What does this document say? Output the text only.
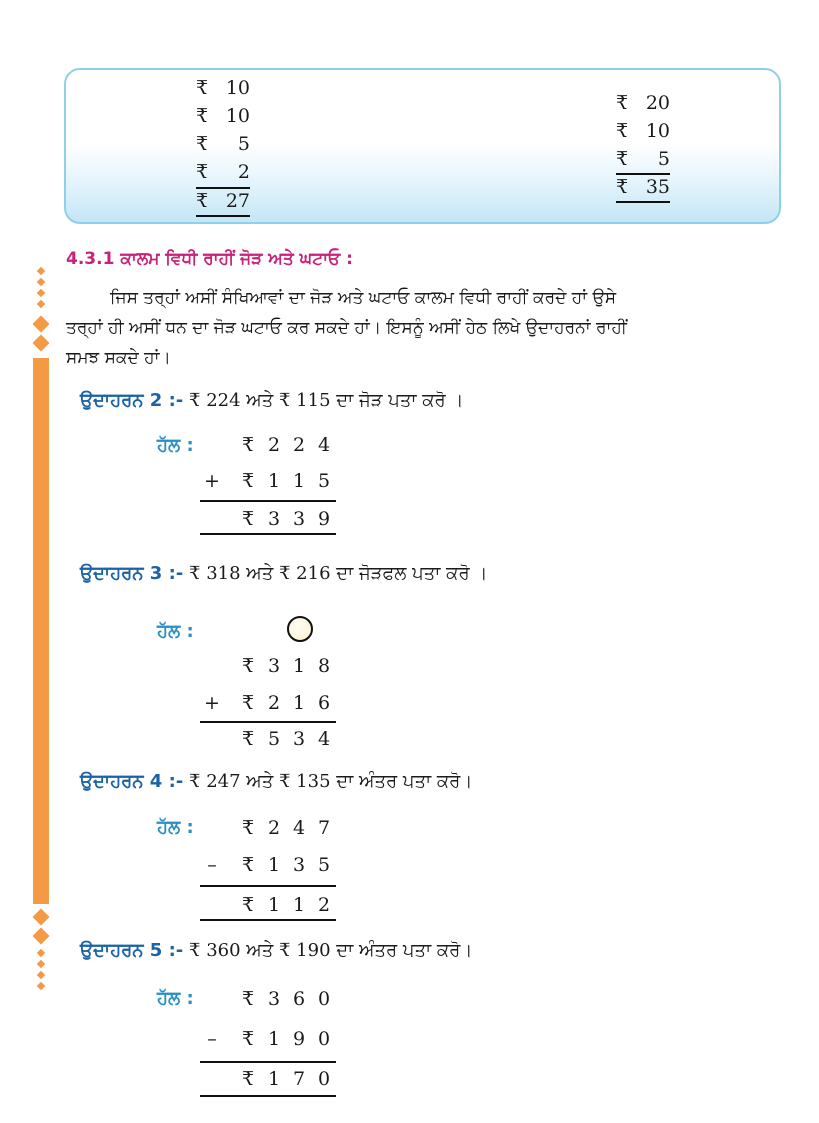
₹ 10
₹ 10
₹ 5
₹ 2
₹ 27
₹ 20
₹ 10
₹ 5
₹ 35
4.3.1 ਕਾਲਮ ਵਿਧੀ ਰਾਹੀਂ ਜੋੜ ਅਤੇ ਘਟਾਓ :
ਜਿਸ ਤਰ੍ਹਾਂ ਅਸੀਂ ਸੰਖਿਆਵਾਂ ਦਾ ਜੋੜ ਅਤੇ ਘਟਾਓ ਕਾਲਮ ਵਿਧੀ ਰਾਹੀਂ ਕਰਦੇ ਹਾਂ ਉਸੇ
ਤਰ੍ਹਾਂ ਹੀ ਅਸੀਂ ਧਨ ਦਾ ਜੋੜ ਘਟਾਓ ਕਰ ਸਕਦੇ ਹਾਂ। ਇਸਨੂੰ ਅਸੀਂ ਹੇਠ ਲਿਖੇ ਉਦਾਹਰਨਾਂ ਰਾਹੀਂ
ਸਮਝ ਸਕਦੇ ਹਾਂ।
ਉਦਾਹਰਨ 2 :- ₹ 224 ਅਤੇ ₹ 115 ਦਾ ਜੋੜ ਪਤਾ ਕਰੋ ।
ਹੱਲ :	₹ 2 2 4
+ ₹ 1 1 5
₹ 3 3 9
ਉਦਾਹਰਨ 3 :- ₹ 318 ਅਤੇ ₹ 216 ਦਾ ਜੋੜਫਲ ਪਤਾ ਕਰੋ ।
ਹੱਲ :
₹ 3 1 8
+ ₹ 2 1 6
₹ 5 3 4
ਉਦਾਹਰਨ 4 :- ₹ 247 ਅਤੇ ₹ 135 ਦਾ ਅੰਤਰ ਪਤਾ ਕਰੋ।
ਹੱਲ :	₹ 2 4 7
– ₹ 1 3 5
₹ 1 1 2
ਉਦਾਹਰਨ 5 :- ₹ 360 ਅਤੇ ₹ 190 ਦਾ ਅੰਤਰ ਪਤਾ ਕਰੋ।
ਹੱਲ :	₹ 3 6 0
– ₹ 1 9 0
₹ 1 7 0
